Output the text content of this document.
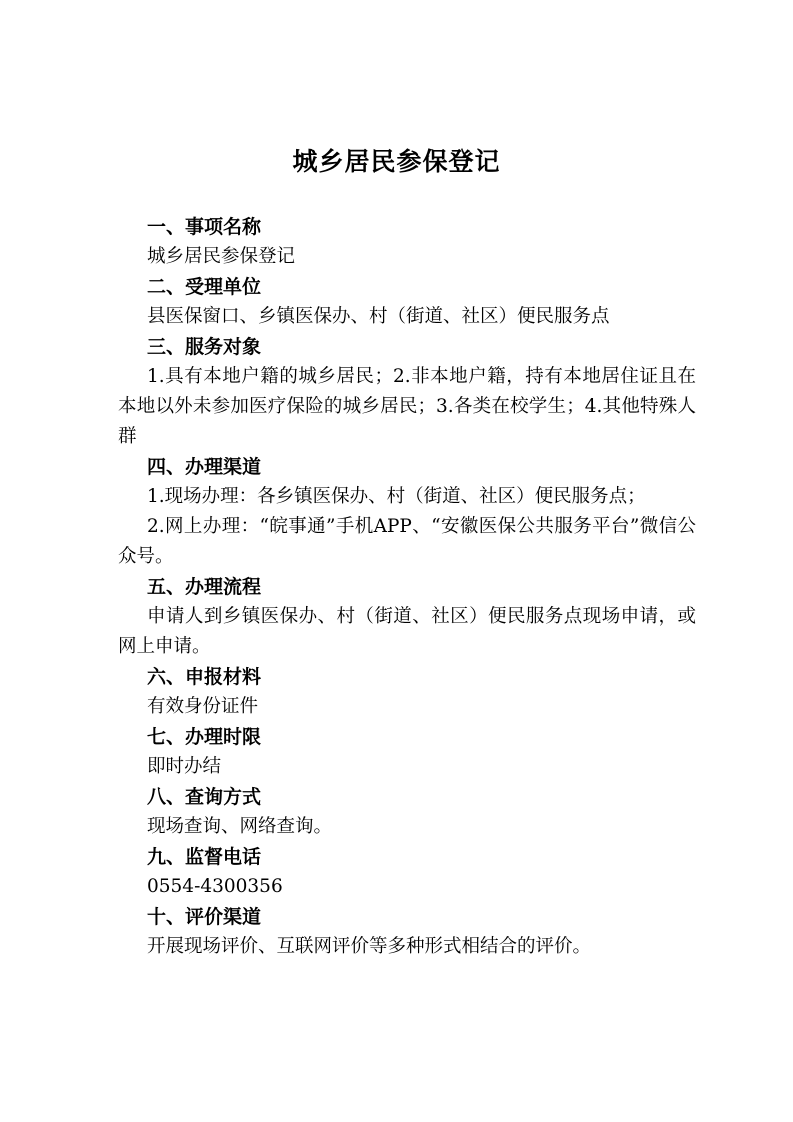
城乡居民参保登记
一、事项名称

城乡居民参保登记

二、受理单位

县医保窗口、乡镇医保办、村（街道、社区）便民服务点

三、服务对象

1.具有本地户籍的城乡居民；2.非本地户籍，持有本地居住证且在本地以外未参加医疗保险的城乡居民；3.各类在校学生；4.其他特殊人群

四、办理渠道

1.现场办理：各乡镇医保办、村（街道、社区）便民服务点；

2.网上办理：“皖事通”手机APP、“安徽医保公共服务平台”微信公众号。

五、办理流程

申请人到乡镇医保办、村（街道、社区）便民服务点现场申请，或网上申请。

六、申报材料

有效身份证件

七、办理时限

即时办结

八、查询方式

现场查询、网络查询。

九、监督电话

0554-4300356

十、评价渠道

开展现场评价、互联网评价等多种形式相结合的评价。
